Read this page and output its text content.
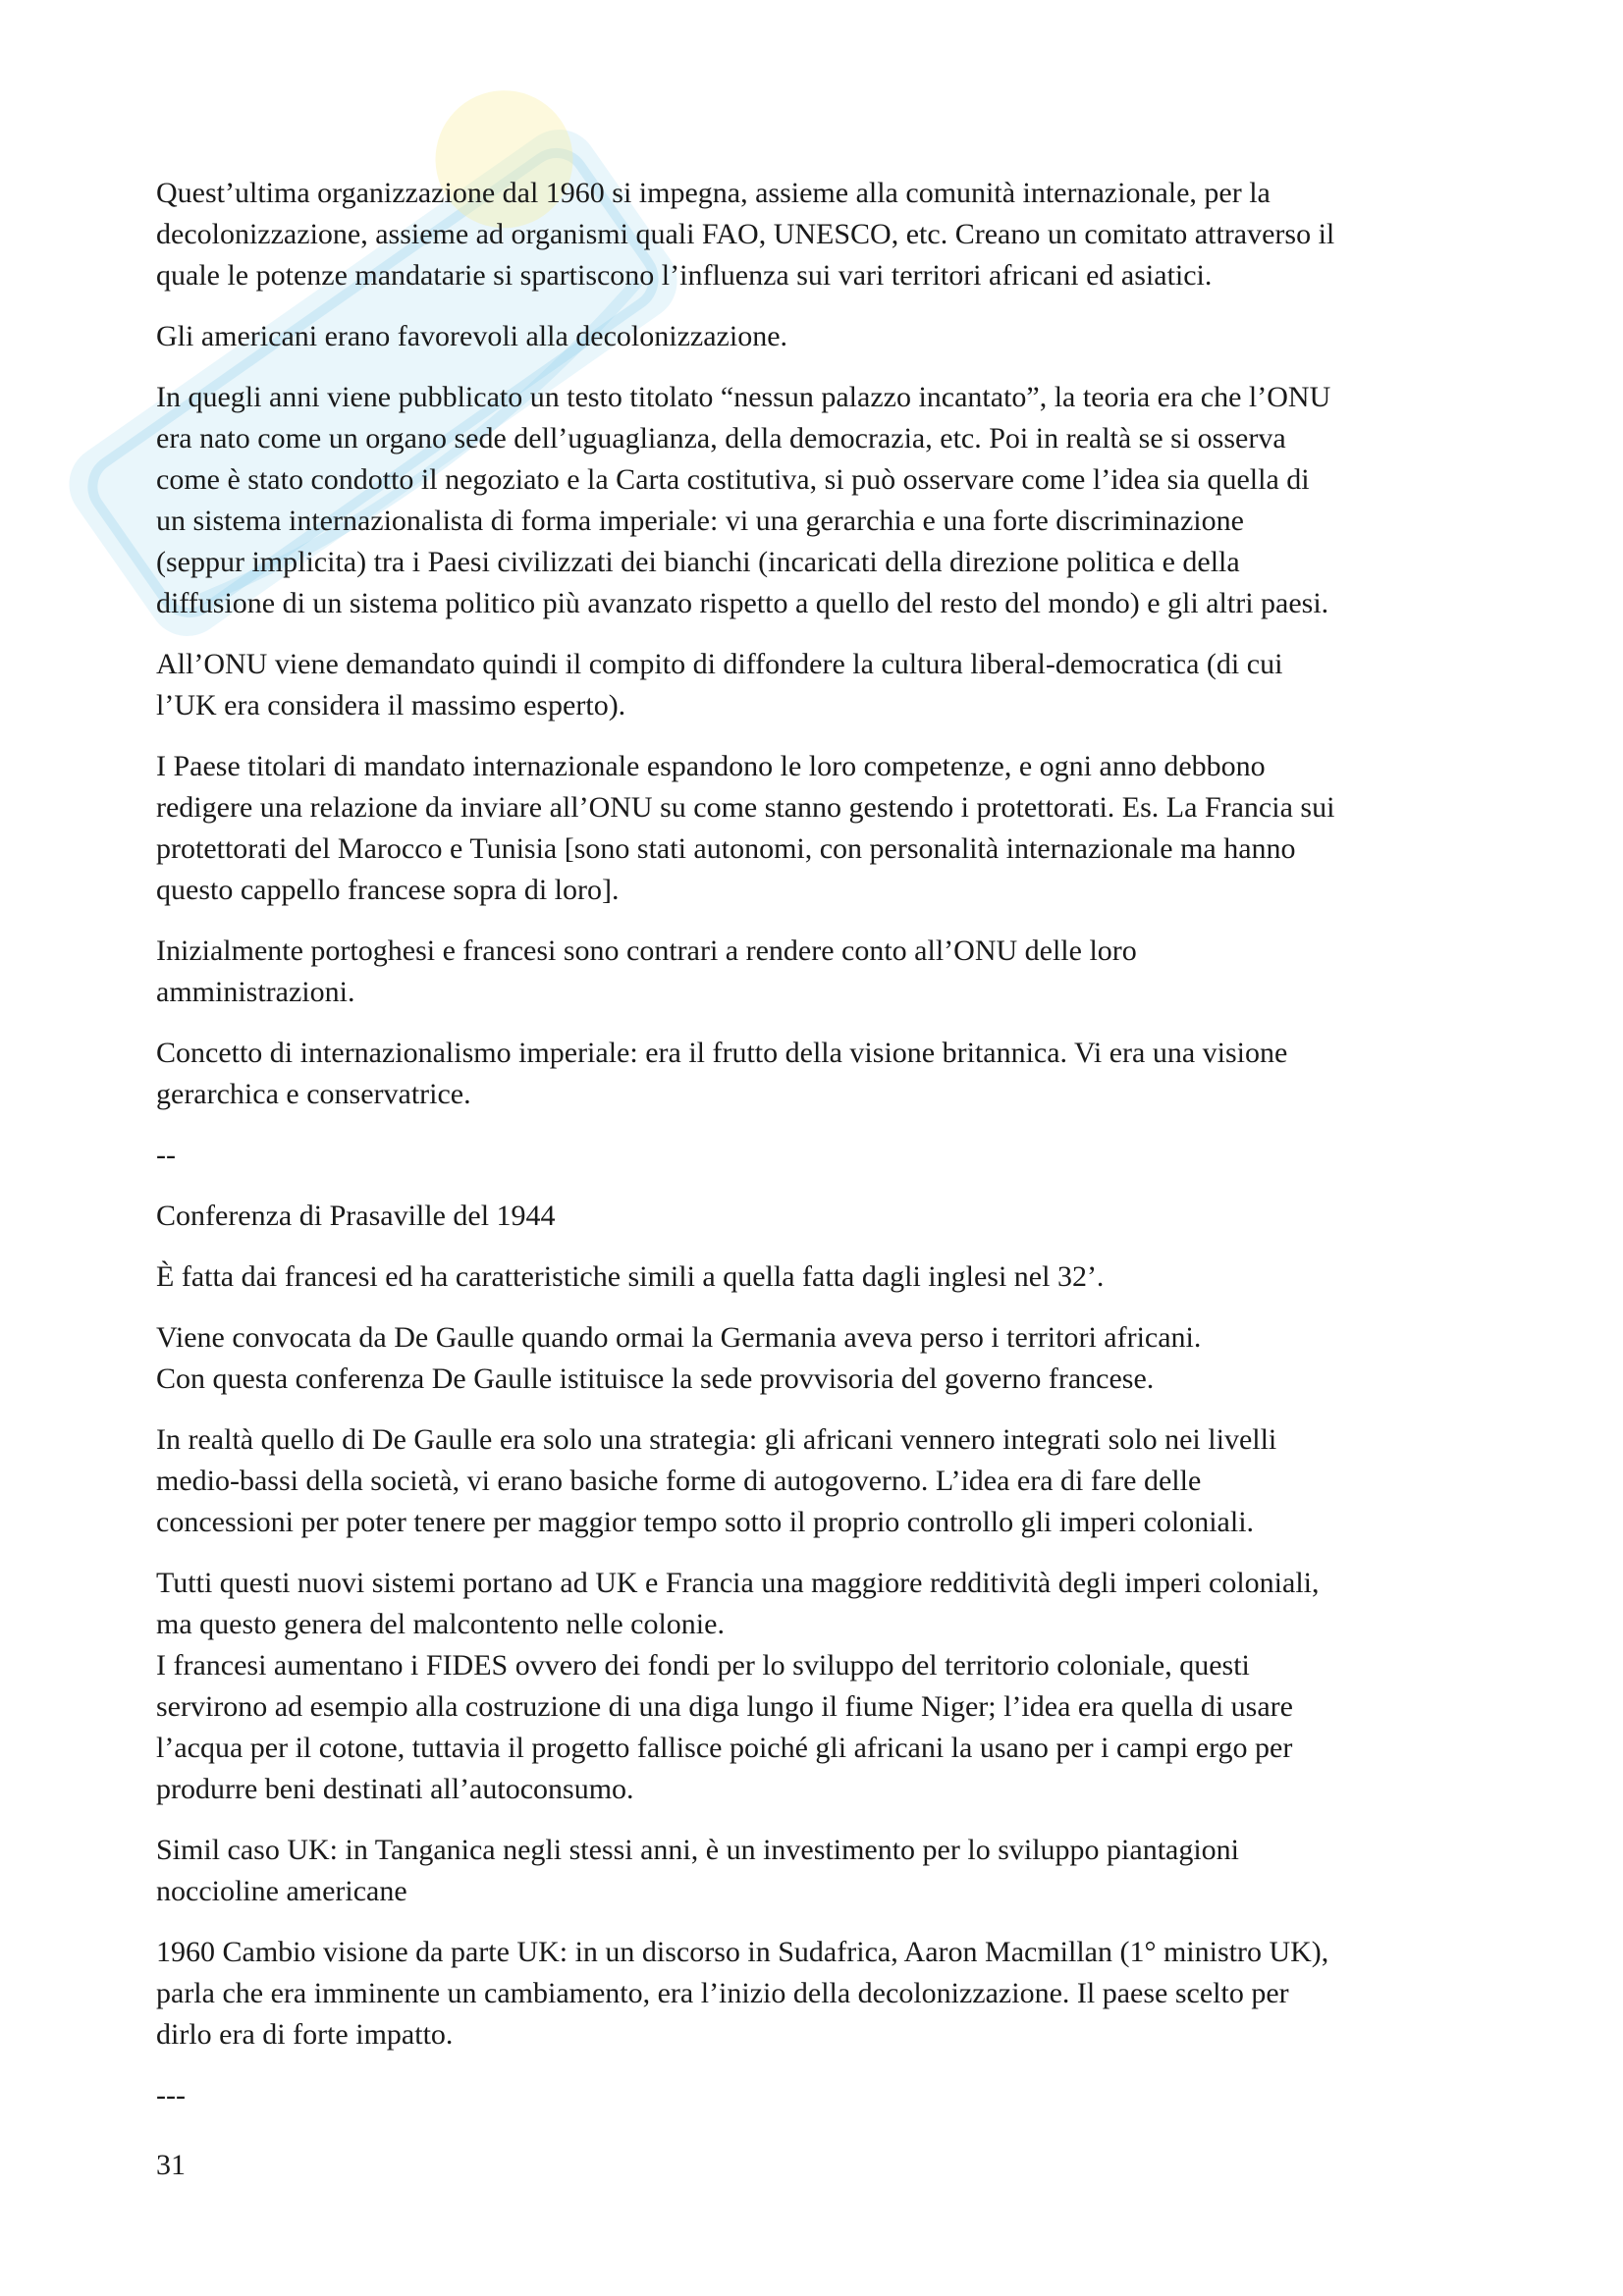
Quest’ultima organizzazione dal 1960 si impegna, assieme alla comunità internazionale, per la
decolonizzazione, assieme ad organismi quali FAO, UNESCO, etc. Creano un comitato attraverso il
quale le potenze mandatarie si spartiscono l’influenza sui vari territori africani ed asiatici.

Gli americani erano favorevoli alla decolonizzazione.

In quegli anni viene pubblicato un testo titolato “nessun palazzo incantato”, la teoria era che l’ONU
era nato come un organo sede dell’uguaglianza, della democrazia, etc. Poi in realtà se si osserva
come è stato condotto il negoziato e la Carta costitutiva, si può osservare come l’idea sia quella di
un sistema internazionalista di forma imperiale: vi una gerarchia e una forte discriminazione
(seppur implicita) tra i Paesi civilizzati dei bianchi (incaricati della direzione politica e della
diffusione di un sistema politico più avanzato rispetto a quello del resto del mondo) e gli altri paesi.

All’ONU viene demandato quindi il compito di diffondere la cultura liberal-democratica (di cui
l’UK era considera il massimo esperto).

I Paese titolari di mandato internazionale espandono le loro competenze, e ogni anno debbono
redigere una relazione da inviare all’ONU su come stanno gestendo i protettorati. Es. La Francia sui
protettorati del Marocco e Tunisia [sono stati autonomi, con personalità internazionale ma hanno
questo cappello francese sopra di loro].

Inizialmente portoghesi e francesi sono contrari a rendere conto all’ONU delle loro
amministrazioni.

Concetto di internazionalismo imperiale: era il frutto della visione britannica. Vi era una visione
gerarchica e conservatrice.

--

Conferenza di Prasaville del 1944

È fatta dai francesi ed ha caratteristiche simili a quella fatta dagli inglesi nel 32’.

Viene convocata da De Gaulle quando ormai la Germania aveva perso i territori africani.
Con questa conferenza De Gaulle istituisce la sede provvisoria del governo francese.

In realtà quello di De Gaulle era solo una strategia: gli africani vennero integrati solo nei livelli
medio-bassi della società, vi erano basiche forme di autogoverno. L’idea era di fare delle
concessioni per poter tenere per maggior tempo sotto il proprio controllo gli imperi coloniali.

Tutti questi nuovi sistemi portano ad UK e Francia una maggiore redditività degli imperi coloniali,
ma questo genera del malcontento nelle colonie.
I francesi aumentano i FIDES ovvero dei fondi per lo sviluppo del territorio coloniale, questi
servirono ad esempio alla costruzione di una diga lungo il fiume Niger; l’idea era quella di usare
l’acqua per il cotone, tuttavia il progetto fallisce poiché gli africani la usano per i campi ergo per
produrre beni destinati all’autoconsumo.

Simil caso UK: in Tanganica negli stessi anni, è un investimento per lo sviluppo piantagioni
noccioline americane

1960 Cambio visione da parte UK: in un discorso in Sudafrica, Aaron Macmillan (1° ministro UK),
parla che era imminente un cambiamento, era l’inizio della decolonizzazione. Il paese scelto per
dirlo era di forte impatto.

---

31
